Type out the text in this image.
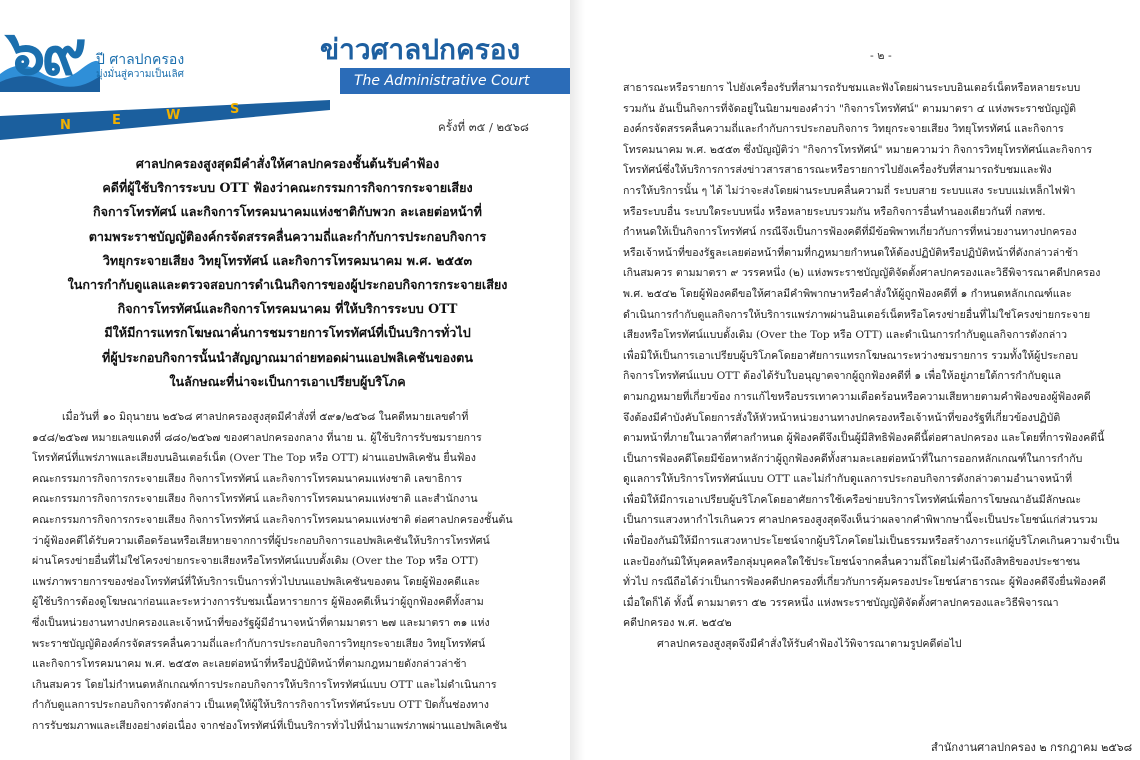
๖๙ ปี ศาลปกครอง
มุ่งมั่นสู่ความเป็นเลิศ
ข่าวศาลปกครอง
The Administrative Court
N	E	W	S
ครั้งที่ ๓๕ / ๒๕๖๘
ศาลปกครองสูงสุดมีคำสั่งให้ศาลปกครองชั้นต้นรับคำฟ้อง
คดีที่ผู้ใช้บริการระบบ OTT ฟ้องว่าคณะกรรมการกิจการกระจายเสียง
กิจการโทรทัศน์ และกิจการโทรคมนาคมแห่งชาติกับพวก ละเลยต่อหน้าที่
ตามพระราชบัญญัติองค์กรจัดสรรคลื่นความถี่และกำกับการประกอบกิจการ
วิทยุกระจายเสียง วิทยุโทรทัศน์ และกิจการโทรคมนาคม พ.ศ. ๒๕๕๓
ในการกำกับดูแลและตรวจสอบการดำเนินกิจการของผู้ประกอบกิจการกระจายเสียง
กิจการโทรทัศน์และกิจการโทรคมนาคม ที่ให้บริการระบบ OTT
มีให้มีการแทรกโฆษณาคั่นการชมรายการโทรทัศน์ที่เป็นบริการทั่วไป
ที่ผู้ประกอบกิจการนั้นนำสัญญาณมาถ่ายทอดผ่านแอปพลิเคชันของตน
ในลักษณะที่น่าจะเป็นการเอาเปรียบผู้บริโภค
เมื่อวันที่ ๑๐ มิถุนายน ๒๕๖๘ ศาลปกครองสูงสุดมีคำสั่งที่ ๕๙๑/๒๕๖๘ ในคดีหมายเลขดำที่
๑๔๘/๒๕๖๗ หมายเลขแดงที่ ๘๘๐/๒๕๖๗ ของศาลปกครองกลาง ที่นาย น. ผู้ใช้บริการรับชมรายการ
โทรทัศน์ที่แพร่ภาพและเสียงบนอินเตอร์เน็ต (Over The Top หรือ OTT) ผ่านแอปพลิเคชัน ยื่นฟ้อง
คณะกรรมการกิจการกระจายเสียง กิจการโทรทัศน์ และกิจการโทรคมนาคมแห่งชาติ เลขาธิการ
คณะกรรมการกิจการกระจายเสียง กิจการโทรทัศน์ และกิจการโทรคมนาคมแห่งชาติ และสำนักงาน
คณะกรรมการกิจการกระจายเสียง กิจการโทรทัศน์ และกิจการโทรคมนาคมแห่งชาติ ต่อศาลปกครองชั้นต้น
ว่าผู้ฟ้องคดีได้รับความเดือดร้อนหรือเสียหายจากการที่ผู้ประกอบกิจการแอปพลิเคชันให้บริการโทรทัศน์
ผ่านโครงข่ายอื่นที่ไม่ใช่โครงข่ายกระจายเสียงหรือโทรทัศน์แบบดั้งเดิม (Over the Top หรือ OTT)
แพร่ภาพรายการของช่องโทรทัศน์ที่ให้บริการเป็นการทั่วไปบนแอปพลิเคชันของตน โดยผู้ฟ้องคดีและ
ผู้ใช้บริการต้องดูโฆษณาก่อนและระหว่างการรับชมเนื้อหารายการ ผู้ฟ้องคดีเห็นว่าผู้ถูกฟ้องคดีทั้งสาม
ซึ่งเป็นหน่วยงานทางปกครองและเจ้าหน้าที่ของรัฐผู้มีอำนาจหน้าที่ตามมาตรา ๒๗ และมาตรา ๓๑ แห่ง
พระราชบัญญัติองค์กรจัดสรรคลื่นความถี่และกำกับการประกอบกิจการวิทยุกระจายเสียง วิทยุโทรทัศน์
และกิจการโทรคมนาคม พ.ศ. ๒๕๕๓ ละเลยต่อหน้าที่หรือปฏิบัติหน้าที่ตามกฎหมายดังกล่าวล่าช้า
เกินสมควร โดยไม่กำหนดหลักเกณฑ์การประกอบกิจการให้บริการโทรทัศน์แบบ OTT และไม่ดำเนินการ
กำกับดูแลการประกอบกิจการดังกล่าว เป็นเหตุให้ผู้ให้บริการกิจการโทรทัศน์ระบบ OTT ปิดกั้นช่องทาง
การรับชมภาพและเสียงอย่างต่อเนื่อง จากช่องโทรทัศน์ที่เป็นบริการทั่วไปที่นำมาแพร่ภาพผ่านแอปพลิเคชัน
- ๒ -
สาธารณะหรือรายการ ไปยังเครื่องรับที่สามารถรับชมและฟังโดยผ่านระบบอินเตอร์เน็ตหรือหลายระบบ
รวมกัน อันเป็นกิจการที่จัดอยู่ในนิยามของคำว่า "กิจการโทรทัศน์" ตามมาตรา ๔ แห่งพระราชบัญญัติ
องค์กรจัดสรรคลื่นความถี่และกำกับการประกอบกิจการ วิทยุกระจายเสียง วิทยุโทรทัศน์ และกิจการ
โทรคมนาคม พ.ศ. ๒๕๕๓ ซึ่งบัญญัติว่า "กิจการโทรทัศน์" หมายความว่า กิจการวิทยุโทรทัศน์และกิจการ
โทรทัศน์ซึ่งให้บริการการส่งข่าวสารสาธารณะหรือรายการไปยังเครื่องรับที่สามารถรับชมและฟัง
การให้บริการนั้น ๆ ได้ ไม่ว่าจะส่งโดยผ่านระบบคลื่นความถี่ ระบบสาย ระบบแสง ระบบแม่เหล็กไฟฟ้า
หรือระบบอื่น ระบบใดระบบหนึ่ง หรือหลายระบบรวมกัน หรือกิจการอื่นทำนองเดียวกันที่ กสทช.
กำหนดให้เป็นกิจการโทรทัศน์ กรณีจึงเป็นการฟ้องคดีที่มีข้อพิพาทเกี่ยวกับการที่หน่วยงานทางปกครอง
หรือเจ้าหน้าที่ของรัฐละเลยต่อหน้าที่ตามที่กฎหมายกำหนดให้ต้องปฏิบัติหรือปฏิบัติหน้าที่ดังกล่าวล่าช้า
เกินสมควร ตามมาตรา ๙ วรรคหนึ่ง (๒) แห่งพระราชบัญญัติจัดตั้งศาลปกครองและวิธีพิจารณาคดีปกครอง
พ.ศ. ๒๕๔๒ โดยผู้ฟ้องคดีขอให้ศาลมีคำพิพากษาหรือคำสั่งให้ผู้ถูกฟ้องคดีที่ ๑ กำหนดหลักเกณฑ์และ
ดำเนินการกำกับดูแลกิจการให้บริการแพร่ภาพผ่านอินเตอร์เน็ตหรือโครงข่ายอื่นที่ไม่ใช่โครงข่ายกระจาย
เสียงหรือโทรทัศน์แบบดั้งเดิม (Over the Top หรือ OTT) และดำเนินการกำกับดูแลกิจการดังกล่าว
เพื่อมิให้เป็นการเอาเปรียบผู้บริโภคโดยอาศัยการแทรกโฆษณาระหว่างชมรายการ รวมทั้งให้ผู้ประกอบ
กิจการโทรทัศน์แบบ OTT ต้องได้รับใบอนุญาตจากผู้ถูกฟ้องคดีที่ ๑ เพื่อให้อยู่ภายใต้การกำกับดูแล
ตามกฎหมายที่เกี่ยวข้อง การแก้ไขหรือบรรเทาความเดือดร้อนหรือความเสียหายตามคำฟ้องของผู้ฟ้องคดี
จึงต้องมีคำบังคับโดยการสั่งให้หัวหน้าหน่วยงานทางปกครองหรือเจ้าหน้าที่ของรัฐที่เกี่ยวข้องปฏิบัติ
ตามหน้าที่ภายในเวลาที่ศาลกำหนด ผู้ฟ้องคดีจึงเป็นผู้มีสิทธิฟ้องคดีนี้ต่อศาลปกครอง และโดยที่การฟ้องคดีนี้
เป็นการฟ้องคดีโดยมีข้อหาหลักว่าผู้ถูกฟ้องคดีทั้งสามละเลยต่อหน้าที่ในการออกหลักเกณฑ์ในการกำกับ
ดูแลการให้บริการโทรทัศน์แบบ OTT และไม่กำกับดูแลการประกอบกิจการดังกล่าวตามอำนาจหน้าที่
เพื่อมิให้มีการเอาเปรียบผู้บริโภคโดยอาศัยการใช้เครือข่ายบริการโทรทัศน์เพื่อการโฆษณาอันมีลักษณะ
เป็นการแสวงหากำไรเกินควร ศาลปกครองสูงสุดจึงเห็นว่าผลจากคำพิพากษานี้จะเป็นประโยชน์แก่ส่วนรวม
เพื่อป้องกันมิให้มีการแสวงหาประโยชน์จากผู้บริโภคโดยไม่เป็นธรรมหรือสร้างภาระแก่ผู้บริโภคเกินความจำเป็น
และป้องกันมิให้บุคคลหรือกลุ่มบุคคลใดใช้ประโยชน์จากคลื่นความถี่โดยไม่คำนึงถึงสิทธิของประชาชน
ทั่วไป กรณีถือได้ว่าเป็นการฟ้องคดีปกครองที่เกี่ยวกับการคุ้มครองประโยชน์สาธารณะ ผู้ฟ้องคดีจึงยื่นฟ้องคดี
เมื่อใดก็ได้ ทั้งนี้ ตามมาตรา ๕๒ วรรคหนึ่ง แห่งพระราชบัญญัติจัดตั้งศาลปกครองและวิธีพิจารณา
คดีปกครอง พ.ศ. ๒๕๔๒
ศาลปกครองสูงสุดจึงมีคำสั่งให้รับคำฟ้องไว้พิจารณาตามรูปคดีต่อไป
สำนักงานศาลปกครอง ๒ กรกฎาคม ๒๕๖๘
